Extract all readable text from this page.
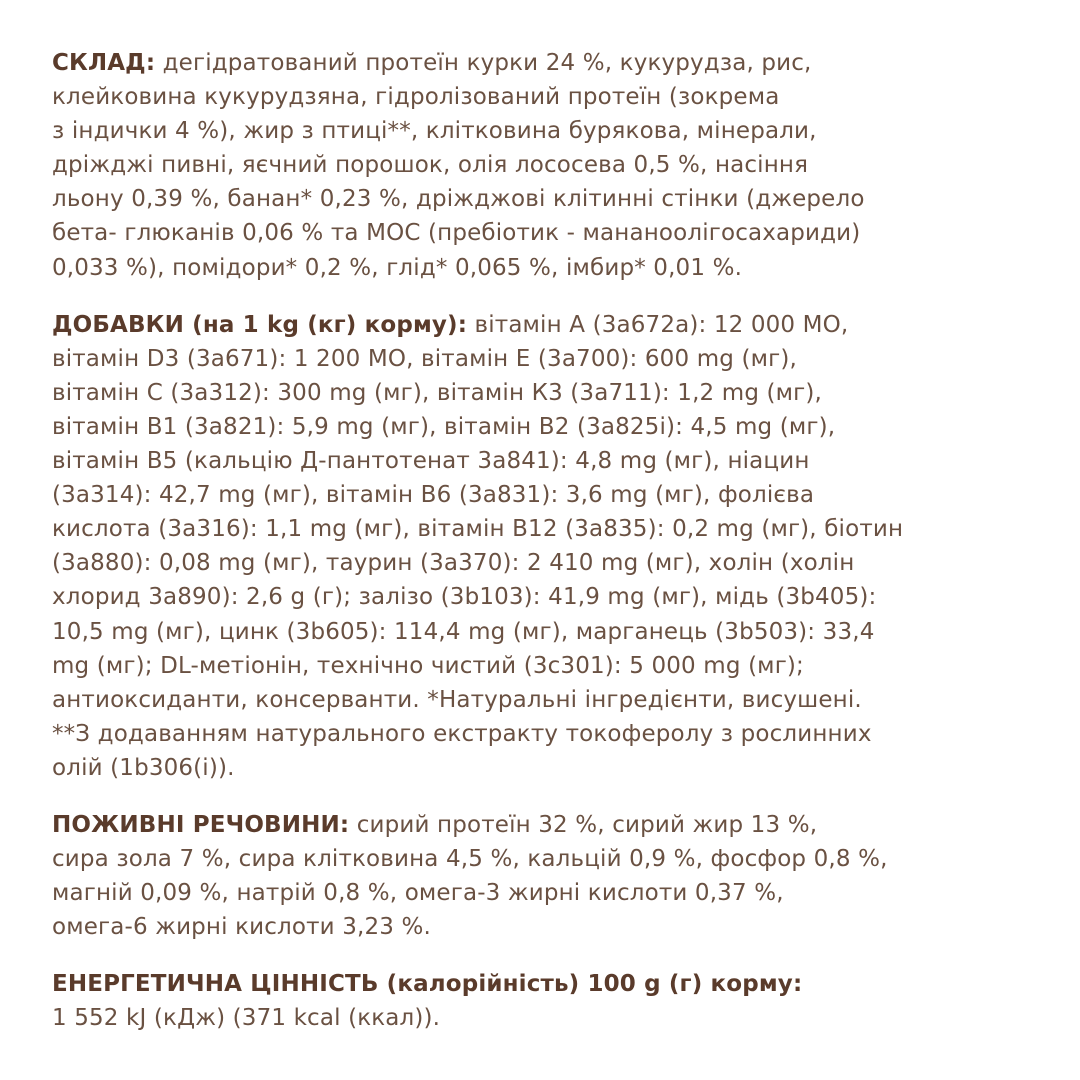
СКЛАД: дегідратований протеїн курки 24 %, кукурудза, рис,
клейковина кукурудзяна, гідролізований протеїн (зокрема
з індички 4 %), жир з птиці**, клітковина бурякова, мінерали,
дріжджі пивні, яєчний порошок, олія лососева 0,5 %, насіння
льону 0,39 %, банан* 0,23 %, дріжджові клітинні стінки (джерело
бета- глюканів 0,06 % та МОС (пребіотик - мананоолігосахариди)
0,033 %), помідори* 0,2 %, глід* 0,065 %, імбир* 0,01 %.
ДОБАВКИ (на 1 kg (кг) корму): вітамін А (3а672а): 12 000 МО,
вітамін D3 (3а671): 1 200 МО, вітамін Е (3а700): 600 mg (мг),
вітамін С (3а312): 300 mg (мг), вітамін К3 (3а711): 1,2 mg (мг),
вітамін В1 (3а821): 5,9 mg (мг), вітамін В2 (3а825і): 4,5 mg (мг),
вітамін В5 (кальцію Д-пантотенат 3а841): 4,8 mg (мг), ніацин
(3а314): 42,7 mg (мг), вітамін В6 (3а831): 3,6 mg (мг), фолієва
кислота (3а316): 1,1 mg (мг), вітамін В12 (3а835): 0,2 mg (мг), біотин
(3а880): 0,08 mg (мг), таурин (3а370): 2 410 mg (мг), холін (холін
хлорид 3а890): 2,6 g (г); залізо (3b103): 41,9 mg (мг), мідь (3b405):
10,5 mg (мг), цинк (3b605): 114,4 mg (мг), марганець (3b503): 33,4
mg (мг); DL-метіонін, технічно чистий (3c301): 5 000 mg (мг);
антиоксиданти, консерванти. *Натуральні інгредієнти, висушені.
**З додаванням натурального екстракту токоферолу з рослинних
олій (1b306(і)).
ПОЖИВНІ РЕЧОВИНИ: сирий протеїн 32 %, сирий жир 13 %,
сира зола 7 %, сира клітковина 4,5 %, кальцій 0,9 %, фосфор 0,8 %,
магній 0,09 %, натрій 0,8 %, омега-3 жирні кислоти 0,37 %,
омега-6 жирні кислоти 3,23 %.
ЕНЕРГЕТИЧНА ЦІННІСТЬ (калорійність) 100 g (г) корму:
1 552 kJ (кДж) (371 kcal (ккал)).
